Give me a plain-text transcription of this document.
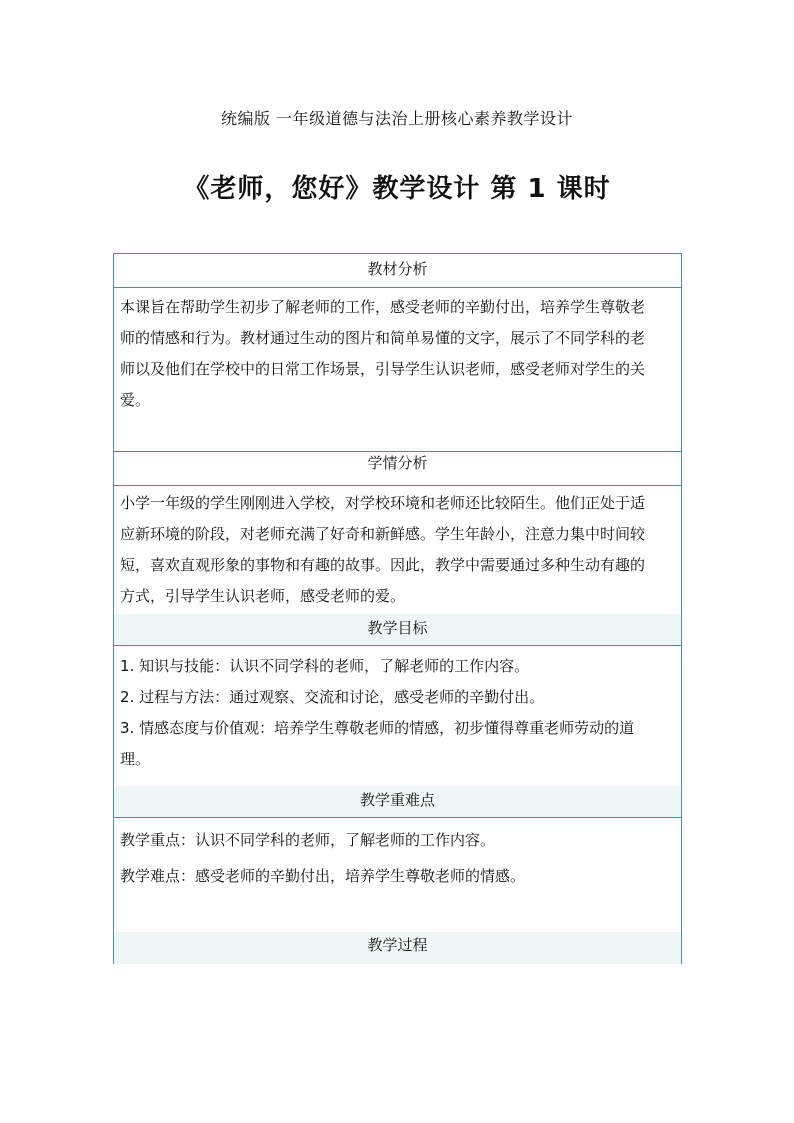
统编版 一年级道德与法治上册核心素养教学设计
《老师，您好》教学设计 第 1 课时
教材分析
本课旨在帮助学生初步了解老师的工作，感受老师的辛勤付出，培养学生尊敬老
师的情感和行为。教材通过生动的图片和简单易懂的文字，展示了不同学科的老
师以及他们在学校中的日常工作场景，引导学生认识老师，感受老师对学生的关
爱。
学情分析
小学一年级的学生刚刚进入学校，对学校环境和老师还比较陌生。他们正处于适
应新环境的阶段，对老师充满了好奇和新鲜感。学生年龄小，注意力集中时间较
短，喜欢直观形象的事物和有趣的故事。因此，教学中需要通过多种生动有趣的
方式，引导学生认识老师，感受老师的爱。
教学目标
1. 知识与技能：认识不同学科的老师，了解老师的工作内容。
2. 过程与方法：通过观察、交流和讨论，感受老师的辛勤付出。
3. 情感态度与价值观：培养学生尊敬老师的情感，初步懂得尊重老师劳动的道
理。
教学重难点
教学重点：认识不同学科的老师，了解老师的工作内容。
教学难点：感受老师的辛勤付出，培养学生尊敬老师的情感。
教学过程
